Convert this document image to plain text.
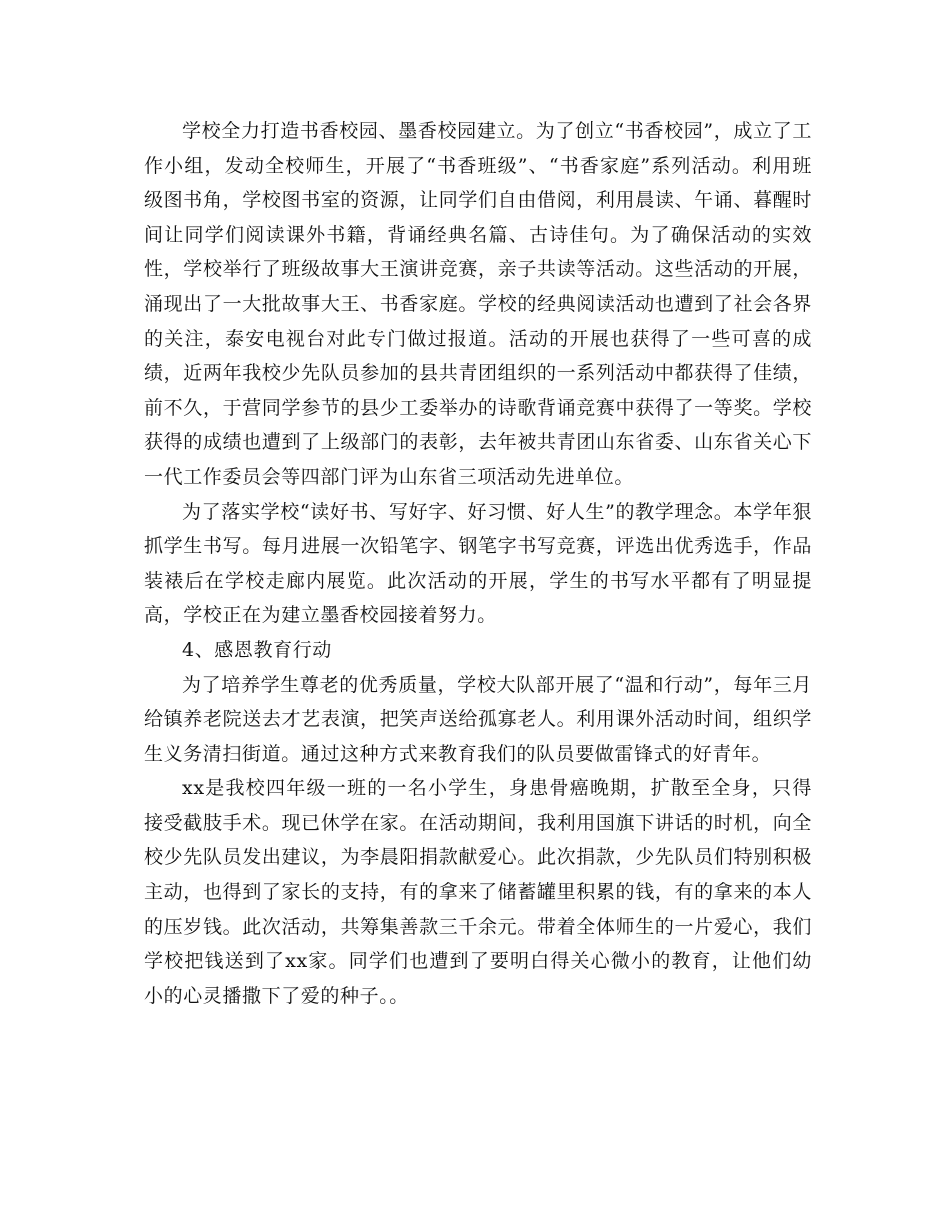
学校全力打造书香校园、墨香校园建立。为了创立“书香校园”，成立了工作小组，发动全校师生，开展了“书香班级”、“书香家庭”系列活动。利用班级图书角，学校图书室的资源，让同学们自由借阅，利用晨读、午诵、暮醒时间让同学们阅读课外书籍，背诵经典名篇、古诗佳句。为了确保活动的实效性，学校举行了班级故事大王演讲竞赛，亲子共读等活动。这些活动的开展，涌现出了一大批故事大王、书香家庭。学校的经典阅读活动也遭到了社会各界的关注，泰安电视台对此专门做过报道。活动的开展也获得了一些可喜的成绩，近两年我校少先队员参加的县共青团组织的一系列活动中都获得了佳绩，前不久，于营同学参节的县少工委举办的诗歌背诵竞赛中获得了一等奖。学校获得的成绩也遭到了上级部门的表彰，去年被共青团山东省委、山东省关心下一代工作委员会等四部门评为山东省三项活动先进单位。

为了落实学校“读好书、写好字、好习惯、好人生”的教学理念。本学年狠抓学生书写。每月进展一次铅笔字、钢笔字书写竞赛，评选出优秀选手，作品装裱后在学校走廊内展览。此次活动的开展，学生的书写水平都有了明显提高，学校正在为建立墨香校园接着努力。

4、感恩教育行动

为了培养学生尊老的优秀质量，学校大队部开展了“温和行动”，每年三月给镇养老院送去才艺表演，把笑声送给孤寡老人。利用课外活动时间，组织学生义务清扫街道。通过这种方式来教育我们的队员要做雷锋式的好青年。

xx是我校四年级一班的一名小学生，身患骨癌晚期，扩散至全身，只得接受截肢手术。现已休学在家。在活动期间，我利用国旗下讲话的时机，向全校少先队员发出建议，为李晨阳捐款献爱心。此次捐款，少先队员们特别积极主动，也得到了家长的支持，有的拿来了储蓄罐里积累的钱，有的拿来的本人的压岁钱。此次活动，共筹集善款三千余元。带着全体师生的一片爱心，我们学校把钱送到了xx家。同学们也遭到了要明白得关心微小的教育，让他们幼小的心灵播撒下了爱的种子。。
